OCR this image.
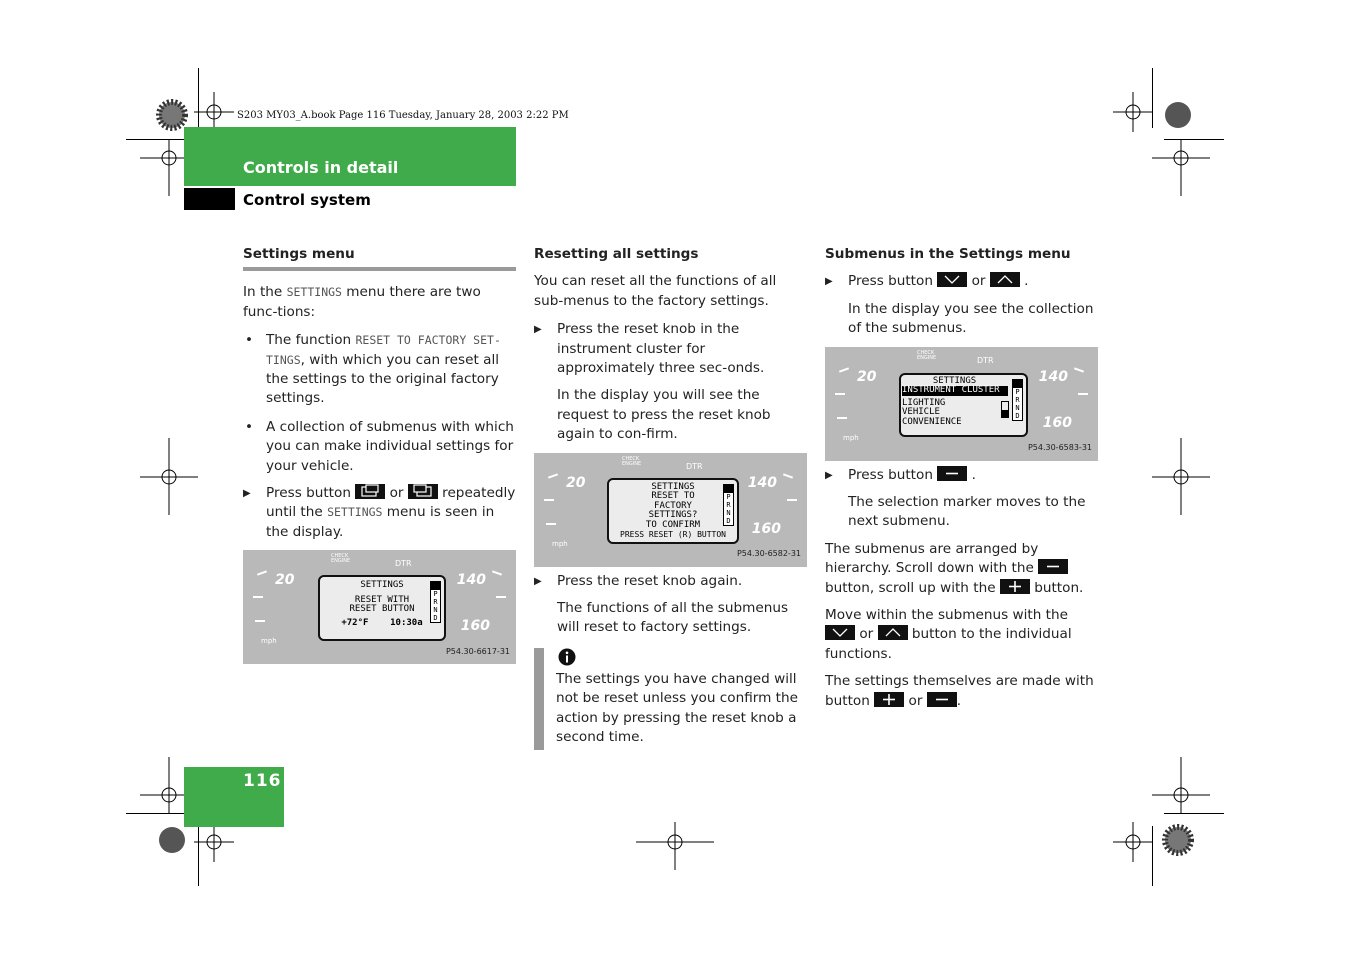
S203 MY03_A.book Page 116 Tuesday, January 28, 2003 2:22 PM
Controls in detail
Control system
116
Settings menu

In the SETTINGS menu there are two func-tions:

• The function RESET TO FACTORY SET-TINGS, with which you can reset all the settings to the original factory settings.
• A collection of submenus with which you can make individual settings for your vehicle.
▶ Press button	or	repeatedly until the SETTINGS menu is seen in the display.
20	140
160
mph
CHECK ENGINE	DTR
SETTINGS
RESET WITH
RESET BUTTON
+72°F 10:30a
P
R
N
D
P54.30-6617-31
Resetting all settings

You can reset all the functions of all sub-menus to the factory settings.

▶ Press the reset knob in the instrument cluster for approximately three sec-onds.

In the display you will see the request to press the reset knob again to con-firm.

20	140
160
mph
CHECK ENGINE	DTR
SETTINGS
RESET TO
FACTORY
SETTINGS?
TO CONFIRM
PRESS RESET (R) BUTTON
P
R
N
D
P54.30-6582-31
▶ Press the reset knob again.

The functions of all the submenus will reset to factory settings.

The settings you have changed will not be reset unless you confirm the action by pressing the reset knob a second time.

Submenus in the Settings menu
▶ Press button	or	.

In the display you see the collection of the submenus.

20	140
160
mph
CHECK ENGINE	DTR
SETTINGS
INSTRUMENT CLUSTER
LIGHTING
VEHICLE
CONVENIENCE
P
R
N
D
P54.30-6583-31
▶ Press button	.

The selection marker moves to the next submenu.

The submenus are arranged by hierarchy. Scroll down with the
button, scroll up with the	button.

Move within the submenus with the
or	button to the individual functions.

The settings themselves are made with button	or	.
